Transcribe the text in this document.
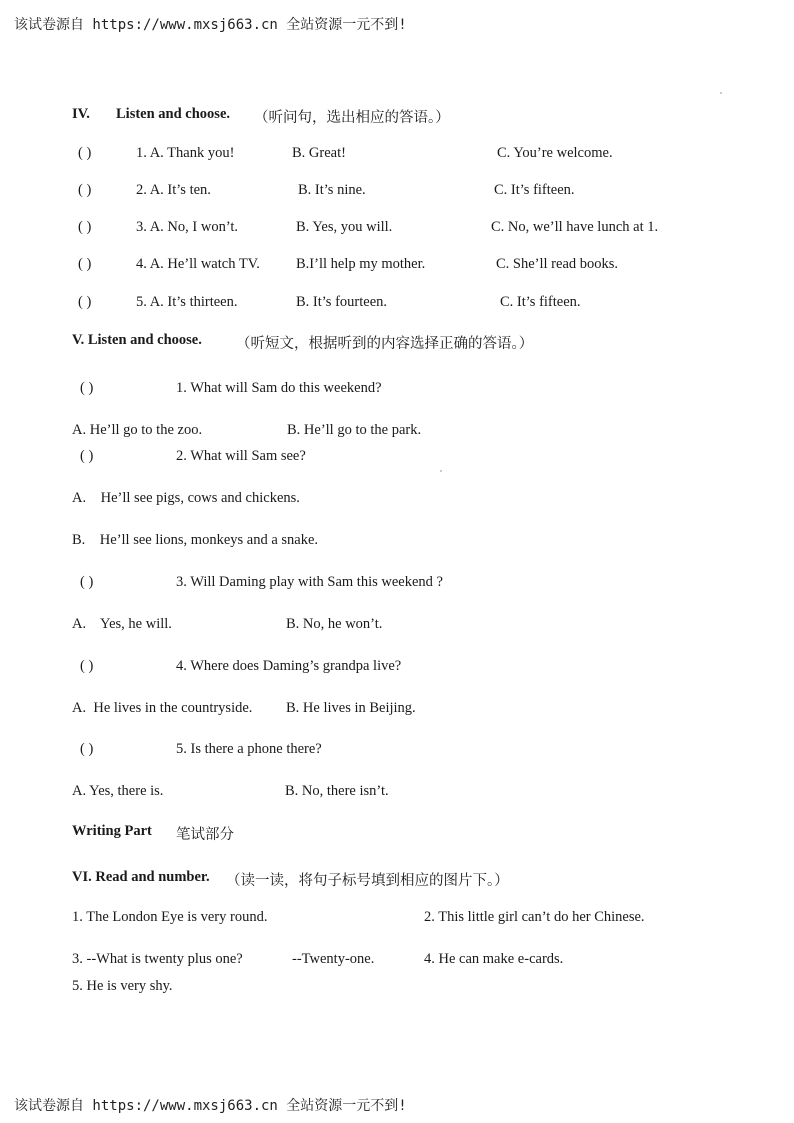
该试卷源自 https://www.mxsj663.cn 全站资源一元不到!
IV. Listen and choose. （听问句，选出相应的答语。）
( )	1. A. Thank you!	B. Great!	C. You’re welcome.
( )	2. A. It’s ten.	B. It’s nine.	C. It’s fifteen.
( )	3. A. No, I won’t.	B. Yes, you will.	C. No, we’ll have lunch at 1.
( )	4. A. He’ll watch TV. B.I’ll help my mother.	C. She’ll read books.
( )	5. A. It’s thirteen.	B. It’s fourteen.	C. It’s fifteen.
V. Listen and choose. （听短文，根据听到的内容选择正确的答语。）
( )	1. What will Sam do this weekend?
A. He’ll go to the zoo.	B. He’ll go to the park.
( )	2. What will Sam see?
A.    He’ll see pigs, cows and chickens.
B.    He’ll see lions, monkeys and a snake.
( )	3. Will Daming play with Sam this weekend ?
A.    Yes, he will.	B. No, he won’t.
( )	4. Where does Daming’s grandpa live?
A.  He lives in the countryside. B. He lives in Beijing.
( )	5. Is there a phone there?
A. Yes, there is.	B. No, there isn’t.
Writing Part 笔试部分
VI. Read and number. （读一读，将句子标号填到相应的图片下。）
1. The London Eye is very round.	2. This little girl can’t do her Chinese.
3. --What is twenty plus one?	--Twenty-one.	4. He can make e-cards.
5. He is very shy.
该试卷源自 https://www.mxsj663.cn 全站资源一元不到!
